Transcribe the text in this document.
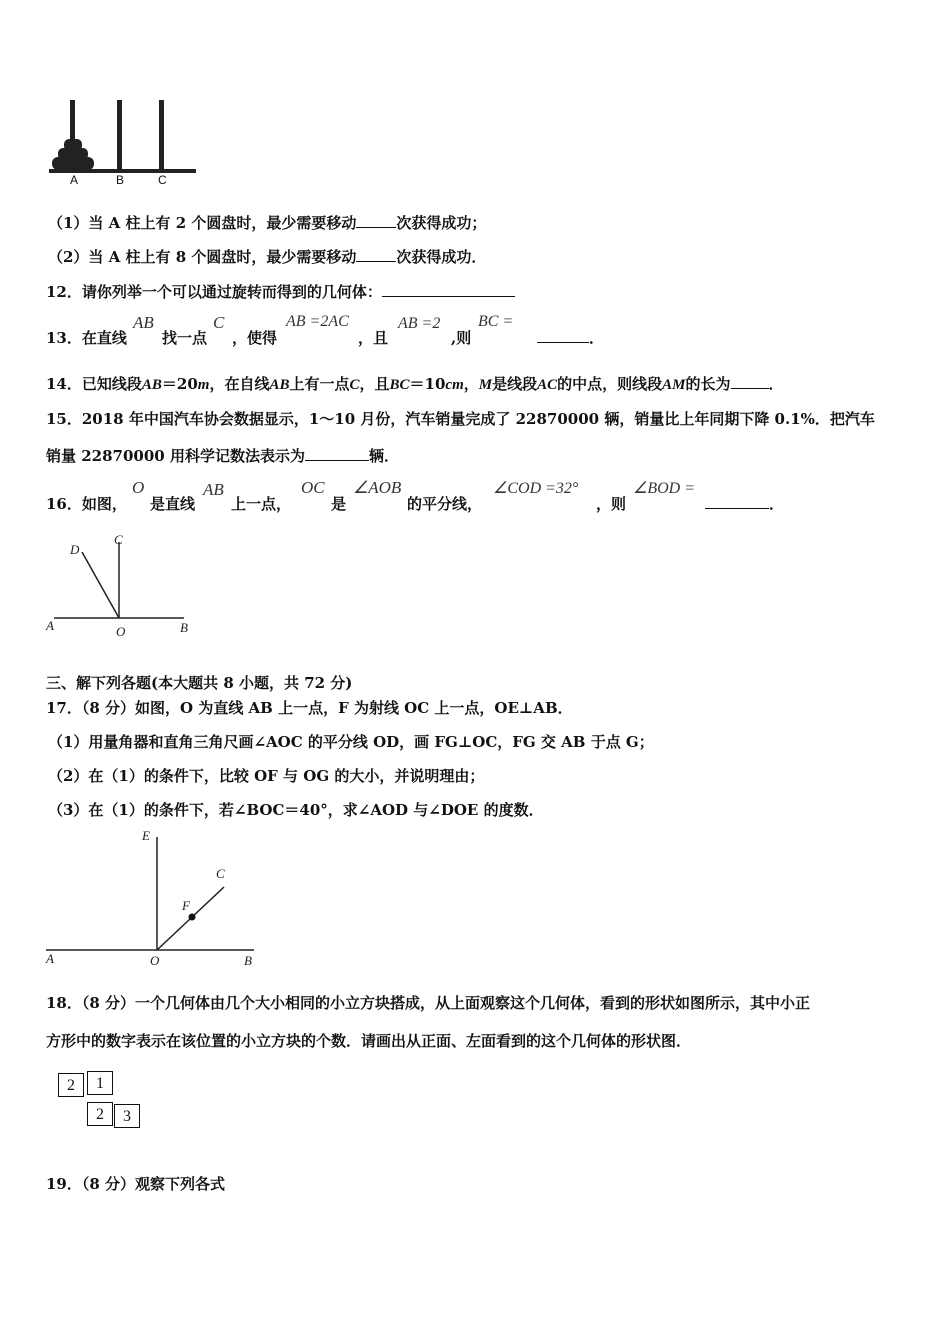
A	B	C
（1）当 A 柱上有 2 个圆盘时，最少需要移动	次获得成功；
（2）当 A 柱上有 8 个圆盘时，最少需要移动	次获得成功．
12．请你列举一个可以通过旋转而得到的几何体：
13．在直线
AB
找一点
C
，使得
AB =2AC
，且
AB =2
,则
BC =
．
14．已知线段AB＝20m，在自线AB上有一点C，且BC＝10cm，M是线段AC的中点，则线段AM的长为	．
15．2018 年中国汽车协会数据显示，1～10 月份，汽车销量完成了 22870000 辆，销量比上年同期下降 0.1%．把汽车
销量 22870000 用科学记数法表示为	辆．
16．如图，
O
是直线
AB
上一点，
OC
是
∠AOB
的平分线，
∠COD =32°
，则
∠BOD =
．
D
C
A	O	B
三、解下列各题(本大题共 8 小题，共 72 分)
17．（8 分）如图，O 为直线 AB 上一点，F 为射线 OC 上一点，OE⊥AB．
（1）用量角器和直角三角尺画∠AOC 的平分线 OD，画 FG⊥OC，FG 交 AB 于点 G；
（2）在（1）的条件下，比较 OF 与 OG 的大小，并说明理由；
（3）在（1）的条件下，若∠BOC＝40°，求∠AOD 与∠DOE 的度数．
E
C
F
A	O	B
18．（8 分）一个几何体由几个大小相同的小立方块搭成，从上面观察这个几何体，看到的形状如图所示，其中小正
方形中的数字表示在该位置的小立方块的个数．请画出从正面、左面看到的这个几何体的形状图．
2	1
2	3
19．（8 分）观察下列各式
